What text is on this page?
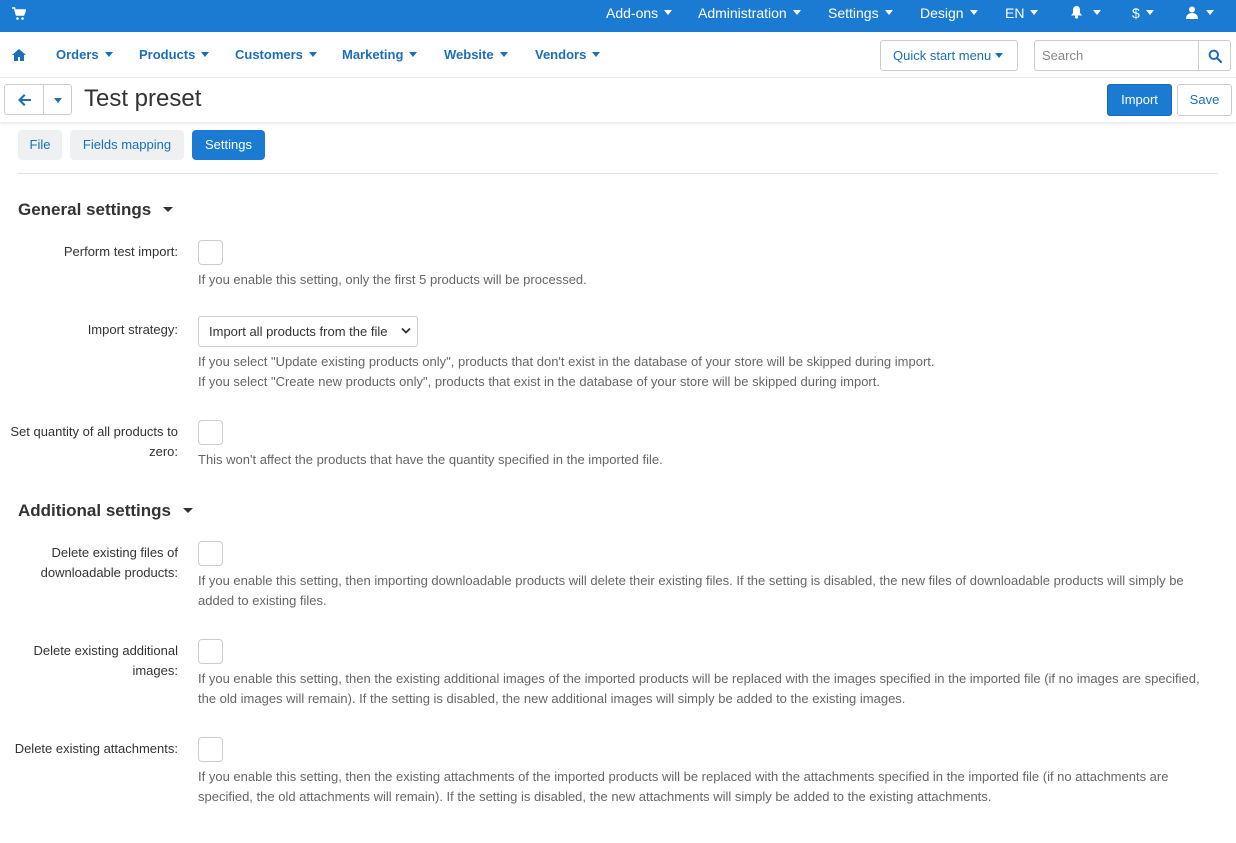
Add-ons	Administration	Settings	Design	EN	$
Orders	Products	Customers	Marketing	Website	Vendors	Quick start menu
Search
Test preset	Import	Save
File	Fields mapping	Settings
General settings
Perform test import:
If you enable this setting, only the first 5 products will be processed.
Import strategy:	Import all products from the file
If you select "Update existing products only", products that don't exist in the database of your store will be skipped during import.
If you select "Create new products only", products that exist in the database of your store will be skipped during import.
Set quantity of all products to zero:
This won't affect the products that have the quantity specified in the imported file.
Additional settings
Delete existing files of downloadable products:
If you enable this setting, then importing downloadable products will delete their existing files. If the setting is disabled, the new files of downloadable products will simply be added to existing files.
Delete existing additional images:
If you enable this setting, then the existing additional images of the imported products will be replaced with the images specified in the imported file (if no images are specified, the old images will remain). If the setting is disabled, the new additional images will simply be added to the existing images.
Delete existing attachments:
If you enable this setting, then the existing attachments of the imported products will be replaced with the attachments specified in the imported file (if no attachments are specified, the old attachments will remain). If the setting is disabled, the new attachments will simply be added to the existing attachments.
